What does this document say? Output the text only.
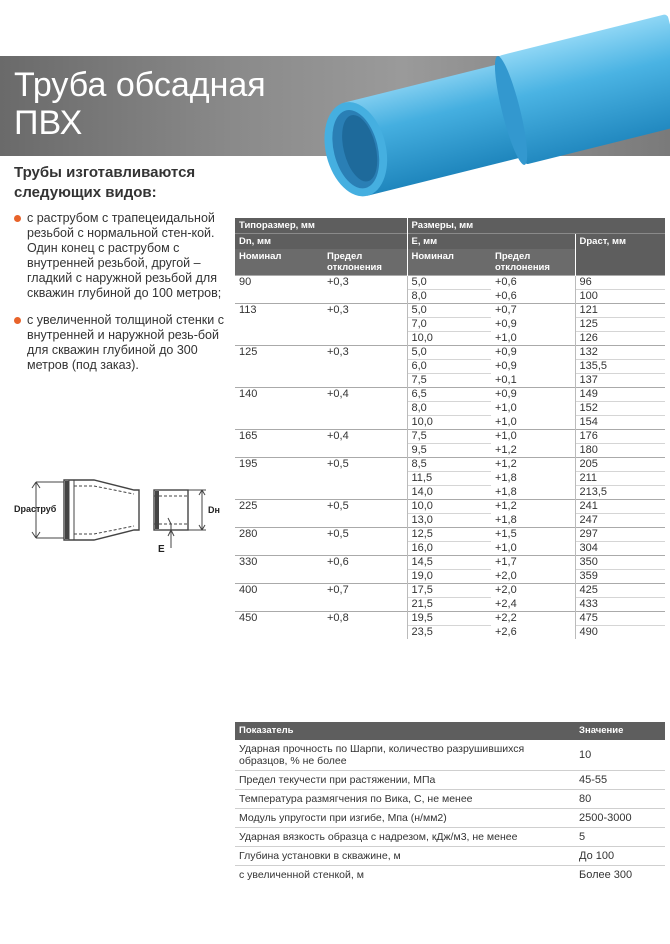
Труба обсадная
ПВХ
Трубы изготавливаются следующих видов:
с раструбом с трапецеидальной резьбой с нормальной стен-кой. Один конец с раструбом с внутренней резьбой, другой – гладкий с наружной резьбой для скважин глубиной до 100 метров;
с увеличенной толщиной стенки с внутренней и наружной резь-бой для скважин глубиной до 300 метров (под заказ).
Dраструб	Dн
E
Типоразмер, мм		Размеры, мм		
Dn, мм		E, мм		Dраст, мм
Номинал	Предел отклонения	Номинал	Предел отклонения	
90	+0,3	5,0	+0,6	96
		8,0	+0,6	100
113	+0,3	5,0	+0,7	121
		7,0	+0,9	125
		10,0	+1,0	126
125	+0,3	5,0	+0,9	132
		6,0	+0,9	135,5
		7,5	+0,1	137
140	+0,4	6,5	+0,9	149
		8,0	+1,0	152
		10,0	+1,0	154
165	+0,4	7,5	+1,0	176
		9,5	+1,2	180
195	+0,5	8,5	+1,2	205
		11,5	+1,8	211
		14,0	+1,8	213,5
225	+0,5	10,0	+1,2	241
		13,0	+1,8	247
280	+0,5	12,5	+1,5	297
		16,0	+1,0	304
330	+0,6	14,5	+1,7	350
		19,0	+2,0	359
400	+0,7	17,5	+2,0	425
		21,5	+2,4	433
450	+0,8	19,5	+2,2	475
		23,5	+2,6	490
Показатель	Значение
Ударная прочность по Шарпи, количество разрушившихся образцов, % не более	10
Предел текучести при растяжении, МПа	45-55
Температура размягчения по Вика, С, не менее	80
Модуль упругости при изгибе, Мпа (н/мм2)	2500-3000
Ударная вязкость образца с надрезом, кДж/м3, не менее	5
Глубина установки в скважине, м	До 100
с увеличенной стенкой, м	Более 300
